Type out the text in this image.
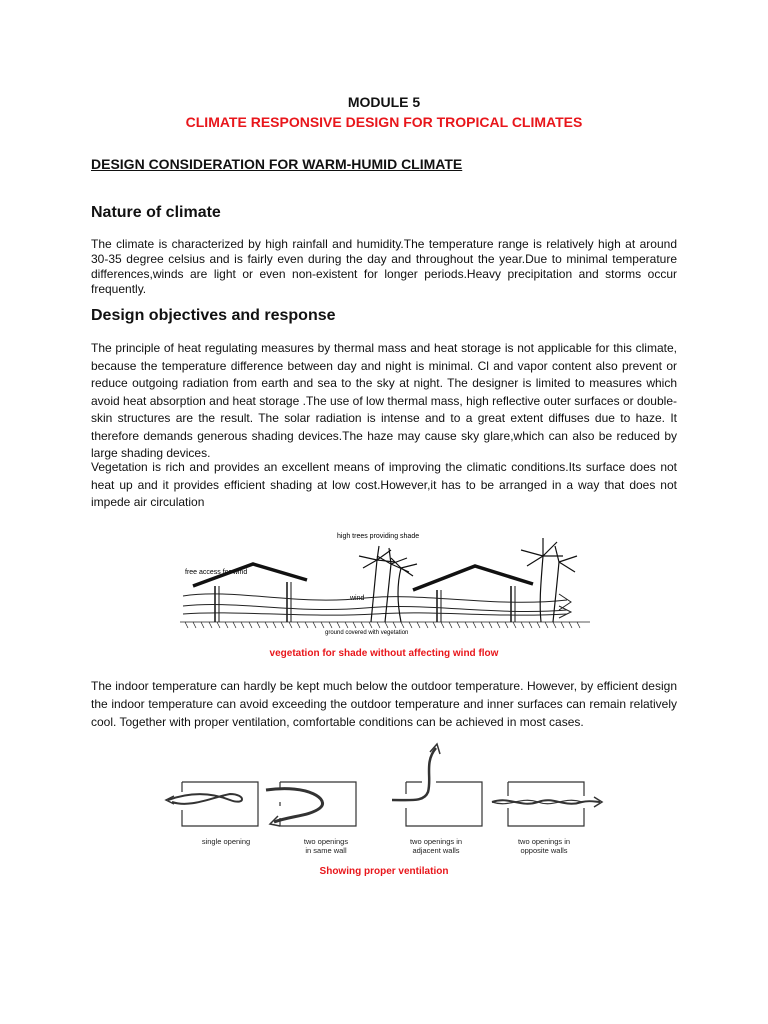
MODULE 5
CLIMATE RESPONSIVE DESIGN FOR TROPICAL CLIMATES
DESIGN CONSIDERATION FOR WARM-HUMID CLIMATE
Nature of climate

The climate is characterized by high rainfall and humidity.The temperature range is relatively high at around 30-35 degree celsius and is fairly even during the day and throughout the year.Due to minimal temperature differences,winds are light or even non-existent for longer periods.Heavy precipitation and storms occur frequently.

Design objectives and response

The principle of heat regulating measures by thermal mass and heat storage is not applicable for this climate, because the temperature difference between day and night is minimal. Cl and vapor content also prevent or reduce outgoing radiation from earth and sea to the sky at night. The designer is limited to measures which avoid heat absorption and heat storage .The use of low thermal mass, high reflective outer surfaces or double-skin structures are the result. The solar radiation is intense and to a great extent diffuses due to haze. It therefore demands generous shading devices.The haze may cause sky glare,which can also be reduced by large shading devices.

Vegetation is rich and provides an excellent means of improving the climatic conditions.Its surface does not heat up and it provides efficient shading at low cost.However,it has to be arranged in a way that does not impede air circulation

high trees providing shade
free access for wind
wind
ground covered with vegetation
vegetation for shade without affecting wind flow

The indoor temperature can hardly be kept much below the outdoor temperature. However, by efficient design the indoor temperature can avoid exceeding the outdoor temperature and inner surfaces can remain relatively cool. Together with proper ventilation, comfortable conditions can be achieved in most cases.

single opening	two openings
in same wall
two openings in
adjacent walls
two openings in
opposite walls
Showing proper ventilation
